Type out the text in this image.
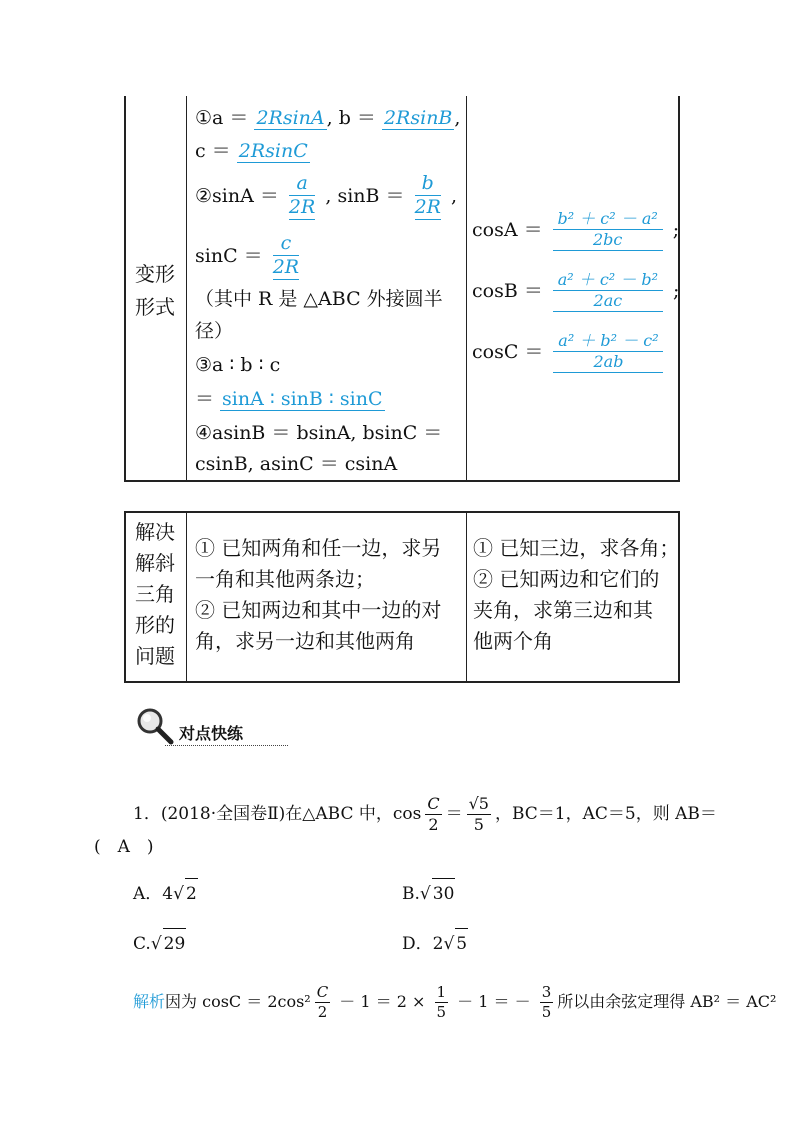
变形形式
①a ＝ 2RsinA , b ＝ 2RsinB ,
c ＝ 2RsinC
②sinA ＝ $\frac{a}{2R}$ , $\sin B = \frac{b}{2R}$ ,
$\sin C = \frac{c}{2R}$
（其中 R 是 △ABC 外接圆半
径）
③a ∶ b ∶ c
＝ sinA ∶ sinB ∶ sinC
④asinB ＝ bsinA, bsinC ＝
csinB, asinC ＝ csinA
$\cos A = \frac{\text{b² ＋ c² － a²}}{2bc}$ ;
$\cos B = \frac{\text{a² ＋ c² － b²}}{2ac}$ ;
$\cos C = \frac{\text{a² ＋ b² － c²}}{2ab}$
解决
解斜
三角
形的
问题
① 已知两角和任一边，求另
一角和其他两条边；
② 已知两边和其中一边的对
角，求另一边和其他两角
① 已知三边，求各角；
② 已知两边和它们的
夹角，求第三边和其
他两个角
对点快练
1．(2018·全国卷Ⅱ)在△ABC 中，$\cos \frac{C}{2} = \frac{√5}{5}$ ，BC＝1，AC＝5，则 AB＝
(　A　)
A．4√ 2	B.√ 30
C.√ 29	D．2√ 5
解析因为 $\cos C = 2\cos^2 \frac{C}{2} - 1 = 2 \times \frac{1}{5} - 1$ ＝ － $\frac{3}{5}$ 所以由余弦定理得 AB² ＝ AC²
